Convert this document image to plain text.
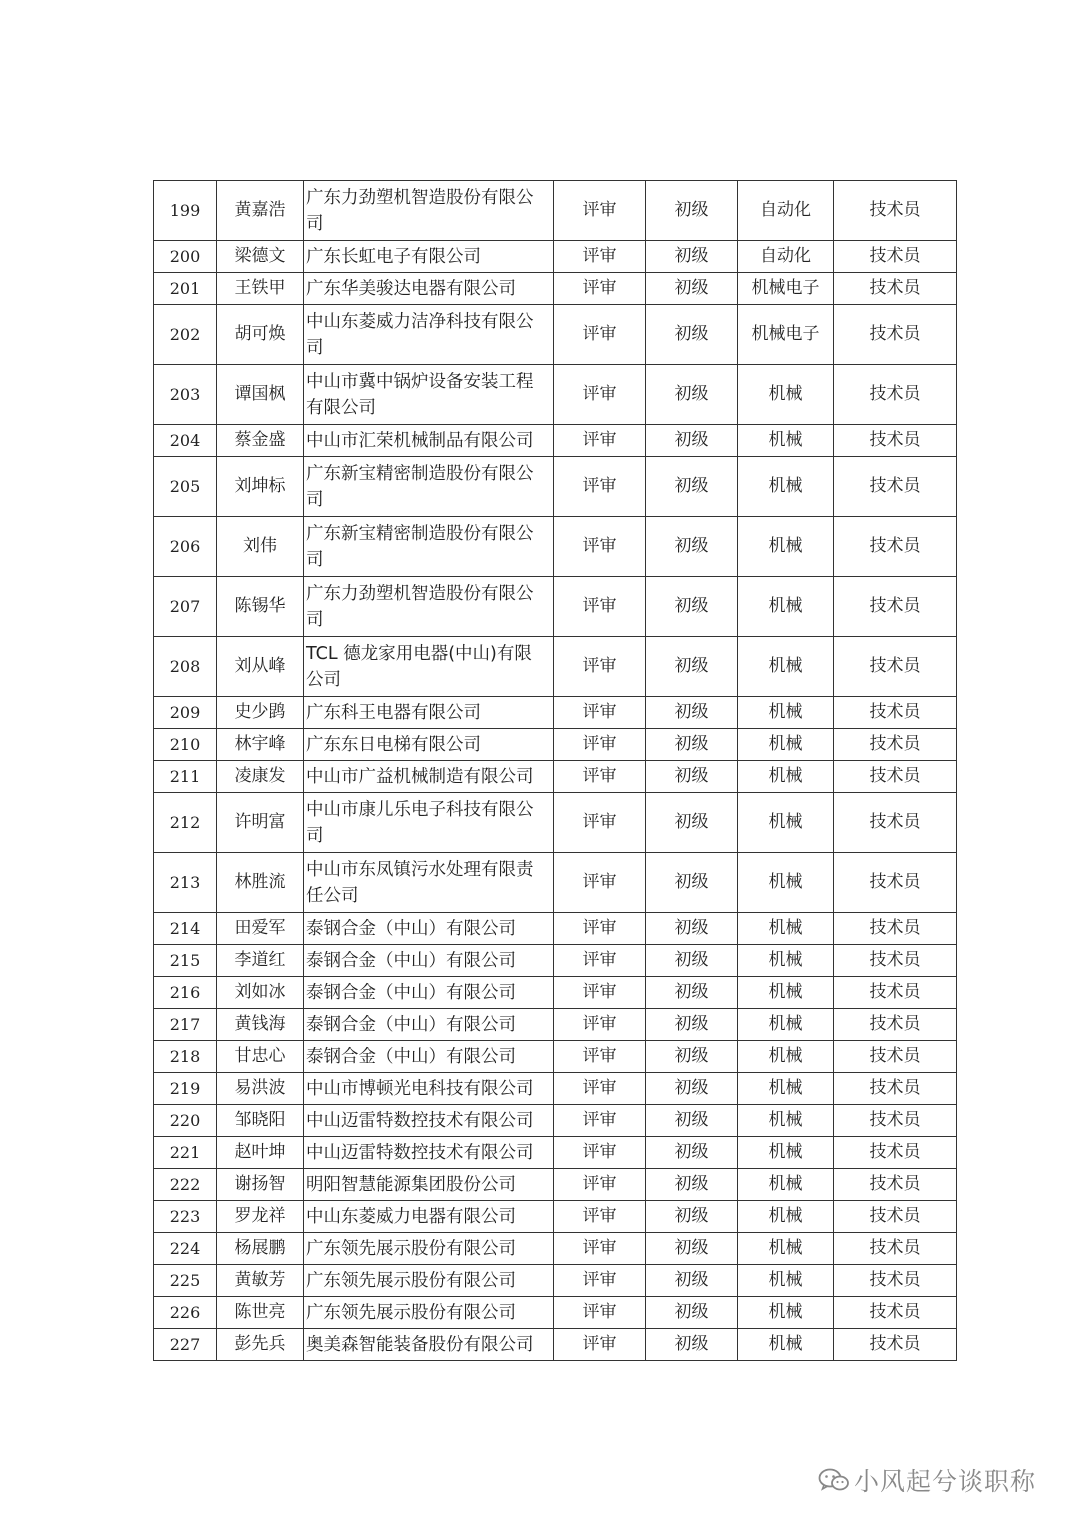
199	黄嘉浩	广东力劲塑机智造股份有限公司	评审	初级	自动化	技术员
200	梁德文	广东长虹电子有限公司	评审	初级	自动化	技术员
201	王铁甲	广东华美骏达电器有限公司	评审	初级	机械电子	技术员
202	胡可焕	中山东菱威力洁净科技有限公司	评审	初级	机械电子	技术员
203	谭国枫	中山市冀中锅炉设备安装工程有限公司	评审	初级	机械	技术员
204	蔡金盛	中山市汇荣机械制品有限公司	评审	初级	机械	技术员
205	刘坤标	广东新宝精密制造股份有限公司	评审	初级	机械	技术员
206	刘伟	广东新宝精密制造股份有限公司	评审	初级	机械	技术员
207	陈锡华	广东力劲塑机智造股份有限公司	评审	初级	机械	技术员
208	刘从峰	TCL 德龙家用电器(中山)有限公司	评审	初级	机械	技术员
209	史少鹍	广东科王电器有限公司	评审	初级	机械	技术员
210	林宇峰	广东东日电梯有限公司	评审	初级	机械	技术员
211	凌康发	中山市广益机械制造有限公司	评审	初级	机械	技术员
212	许明富	中山市康儿乐电子科技有限公司	评审	初级	机械	技术员
213	林胜流	中山市东凤镇污水处理有限责任公司	评审	初级	机械	技术员
214	田爱军	泰钢合金（中山）有限公司	评审	初级	机械	技术员
215	李道红	泰钢合金（中山）有限公司	评审	初级	机械	技术员
216	刘如冰	泰钢合金（中山）有限公司	评审	初级	机械	技术员
217	黄钱海	泰钢合金（中山）有限公司	评审	初级	机械	技术员
218	甘忠心	泰钢合金（中山）有限公司	评审	初级	机械	技术员
219	易洪波	中山市博顿光电科技有限公司	评审	初级	机械	技术员
220	邹晓阳	中山迈雷特数控技术有限公司	评审	初级	机械	技术员
221	赵叶坤	中山迈雷特数控技术有限公司	评审	初级	机械	技术员
222	谢扬智	明阳智慧能源集团股份公司	评审	初级	机械	技术员
223	罗龙祥	中山东菱威力电器有限公司	评审	初级	机械	技术员
224	杨展鹏	广东领先展示股份有限公司	评审	初级	机械	技术员
225	黄敏芳	广东领先展示股份有限公司	评审	初级	机械	技术员
226	陈世亮	广东领先展示股份有限公司	评审	初级	机械	技术员
227	彭先兵	奥美森智能装备股份有限公司	评审	初级	机械	技术员
小风起兮谈职称
